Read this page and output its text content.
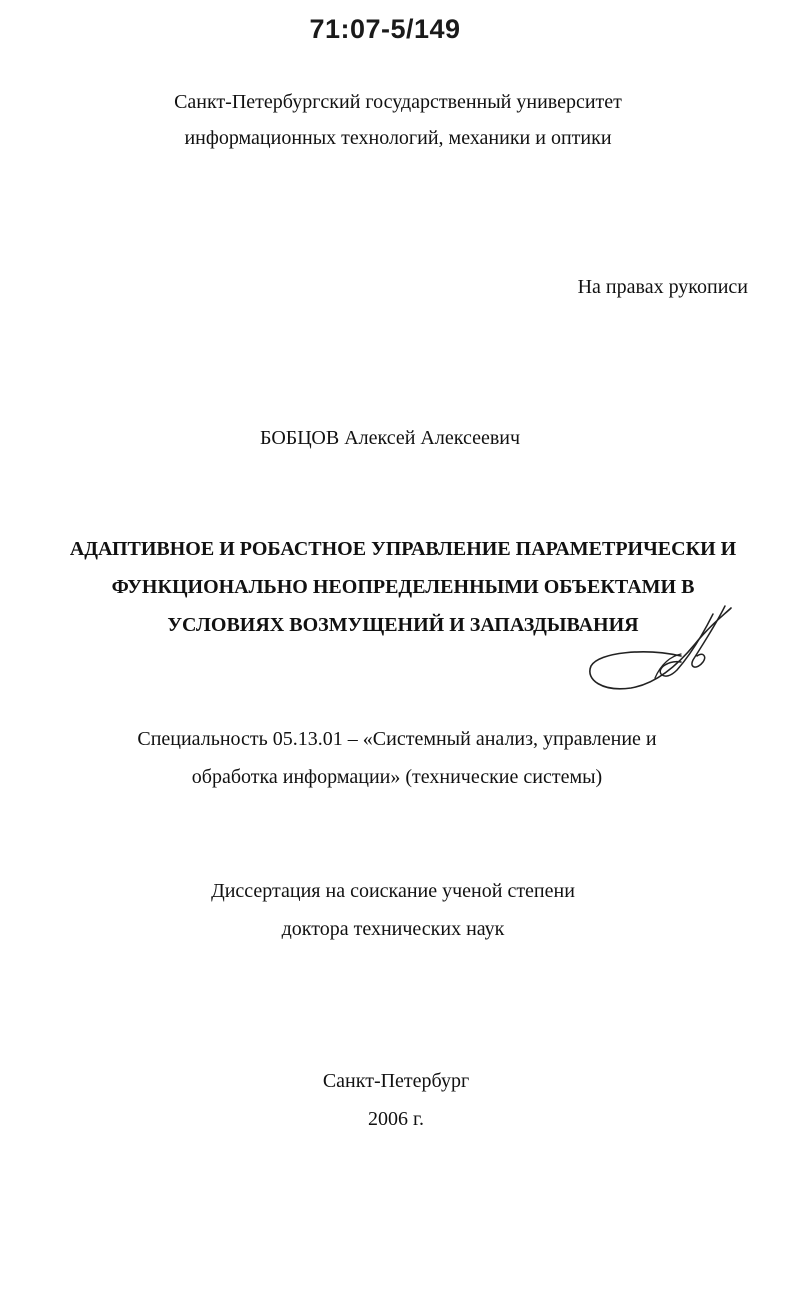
71:07-5/149
Санкт-Петербургский государственный университет
информационных технологий, механики и оптики
На правах рукописи
БОБЦОВ Алексей Алексеевич
АДАПТИВНОЕ И РОБАСТНОЕ УПРАВЛЕНИЕ ПАРАМЕТРИЧЕСКИ И
ФУНКЦИОНАЛЬНО НЕОПРЕДЕЛЕННЫМИ ОБЪЕКТАМИ В
УСЛОВИЯХ ВОЗМУЩЕНИЙ И ЗАПАЗДЫВАНИЯ
Специальность 05.13.01 – «Системный анализ, управление и
обработка информации» (технические системы)
Диссертация на соискание ученой степени
доктора технических наук
Санкт-Петербург
2006 г.
